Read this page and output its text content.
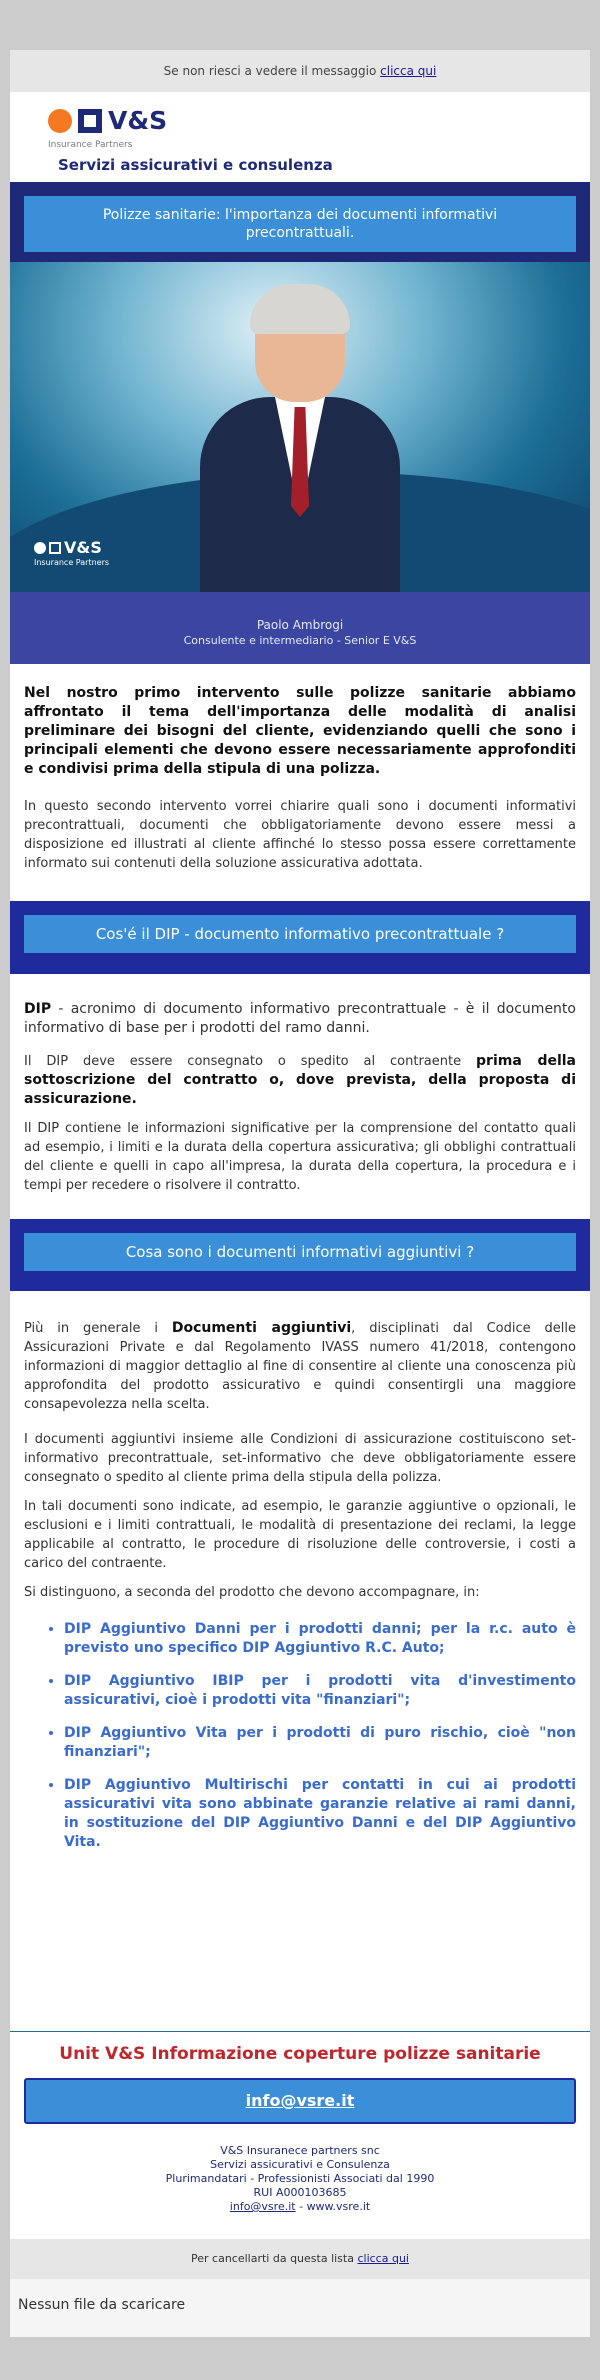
Se non riesci a vedere il messaggio clicca qui
V&S
Insurance Partners
Servizi assicurativi e consulenza
Polizze sanitarie: l'importanza dei documenti informativi precontrattuali.
V&S
Insurance Partners
Paolo Ambrogi
Consulente e intermediario - Senior E V&S

Nel nostro primo intervento sulle polizze sanitarie abbiamo affrontato il tema dell'importanza delle modalità di analisi preliminare dei bisogni del cliente, evidenziando quelli che sono i principali elementi che devono essere necessariamente approfonditi e condivisi prima della stipula di una polizza.

In questo secondo intervento vorrei chiarire quali sono i documenti informativi precontrattuali, documenti che obbligatoriamente devono essere messi a disposizione ed illustrati al cliente affinché lo stesso possa essere correttamente informato sui contenuti della soluzione assicurativa adottata.

Cos'é il DIP - documento informativo precontrattuale ?

DIP - acronimo di documento informativo precontrattuale - è il documento informativo di base per i prodotti del ramo danni.

Il DIP deve essere consegnato o spedito al contraente prima della sottoscrizione del contratto o, dove prevista, della proposta di assicurazione.

Il DIP contiene le informazioni significative per la comprensione del contatto quali ad esempio, i limiti e la durata della copertura assicurativa; gli obblighi contrattuali del cliente e quelli in capo all'impresa, la durata della copertura, la procedura e i tempi per recedere o risolvere il contratto.

Cosa sono i documenti informativi aggiuntivi ?

Più in generale i Documenti aggiuntivi, disciplinati dal Codice delle Assicurazioni Private e dal Regolamento IVASS numero 41/2018, contengono informazioni di maggior dettaglio al fine di consentire al cliente una conoscenza più approfondita del prodotto assicurativo e quindi consentirgli una maggiore consapevolezza nella scelta.

I documenti aggiuntivi insieme alle Condizioni di assicurazione costituiscono set-informativo precontrattuale, set-informativo che deve obbligatoriamente essere consegnato o spedito al cliente prima della stipula della polizza.

In tali documenti sono indicate, ad esempio, le garanzie aggiuntive o opzionali, le esclusioni e i limiti contrattuali, le modalità di presentazione dei reclami, la legge applicabile al contratto, le procedure di risoluzione delle controversie, i costi a carico del contraente.

Si distinguono, a seconda del prodotto che devono accompagnare, in:

• DIP Aggiuntivo Danni per i prodotti danni; per la r.c. auto è previsto uno specifico DIP Aggiuntivo R.C. Auto;
• DIP Aggiuntivo IBIP per i prodotti vita d'investimento assicurativi, cioè i prodotti vita "finanziari";
• DIP Aggiuntivo Vita per i prodotti di puro rischio, cioè "non finanziari";
• DIP Aggiuntivo Multirischi per contatti in cui ai prodotti assicurativi vita sono abbinate garanzie relative ai rami danni, in sostituzione del DIP Aggiuntivo Danni e del DIP Aggiuntivo Vita.
Unit V&S Informazione coperture polizze sanitarie
info@vsre.it
V&S Insuranece partners snc
Servizi assicurativi e Consulenza
Plurimandatari - Professionisti Associati dal 1990
RUI A000103685
info@vsre.it - www.vsre.it
Per cancellarti da questa lista clicca qui
Nessun file da scaricare
